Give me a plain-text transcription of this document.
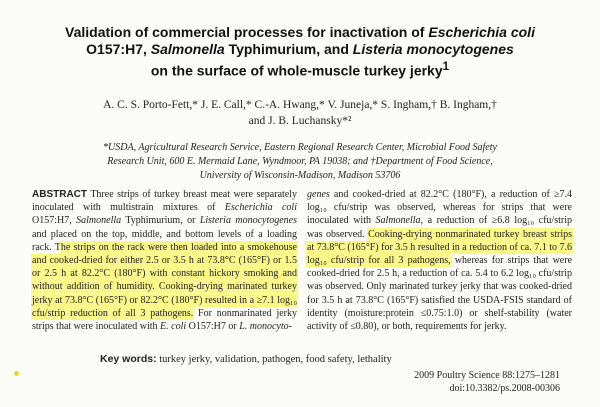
Validation of commercial processes for inactivation of Escherichia coli
O157:H7, Salmonella Typhimurium, and Listeria monocytogenes
on the surface of whole-muscle turkey jerky$^1$
A. C. S. Porto-Fett,* J. E. Call,* C.-A. Hwang,* V. Juneja,* S. Ingham,† B. Ingham,†
and J. B. Luchansky*²
*USDA, Agricultural Research Service, Eastern Regional Research Center, Microbial Food Safety
Research Unit, 600 E. Mermaid Lane, Wyndmoor, PA 19038; and †Department of Food Science,
University of Wisconsin-Madison, Madison 53706
ABSTRACT Three strips of turkey breast meat were separately inoculated with multistrain mixtures of Escherichia coli O157:H7, Salmonella Typhimurium, or Listeria monocytogenes and placed on the top, middle, and bottom levels of a loading rack. The strips on the rack were then loaded into a smokehouse and cooked-dried for either 2.5 or 3.5 h at 73.8°C (165°F) or 1.5 or 2.5 h at 82.2°C (180°F) with constant hickory smoking and without addition of humidity. Cooking-drying marinated turkey jerky at 73.8°C (165°F) or 82.2°C (180°F) resulted in a ≥7.1 log₁₀ cfu/strip reduction of all 3 pathogens. For nonmarinated jerky strips that were inoculated with E. coli O157:H7 or L. monocyto-
genes and cooked-dried at 82.2°C (180°F), a reduction of ≥7.4 log₁₀ cfu/strip was observed, whereas for strips that were inoculated with Salmonella, a reduction of ≥6.8 log₁₀ cfu/strip was observed. Cooking-drying nonmarinated turkey breast strips at 73.8°C (165°F) for 3.5 h resulted in a reduction of ca. 7.1 to 7.6 log₁₀ cfu/strip for all 3 pathogens, whereas for strips that were cooked-dried for 2.5 h, a reduction of ca. 5.4 to 6.2 log₁₀ cfu/strip was observed. Only marinated turkey jerky that was cooked-dried for 3.5 h at 73.8°C (165°F) satisfied the USDA-FSIS standard of identity (moisture:protein ≤0.75:1.0) or shelf-stability (water activity of ≤0.80), or both, requirements for jerky.
Key words: turkey jerky, validation, pathogen, food safety, lethality
2009 Poultry Science 88:1275–1281
doi:10.3382/ps.2008-00306
